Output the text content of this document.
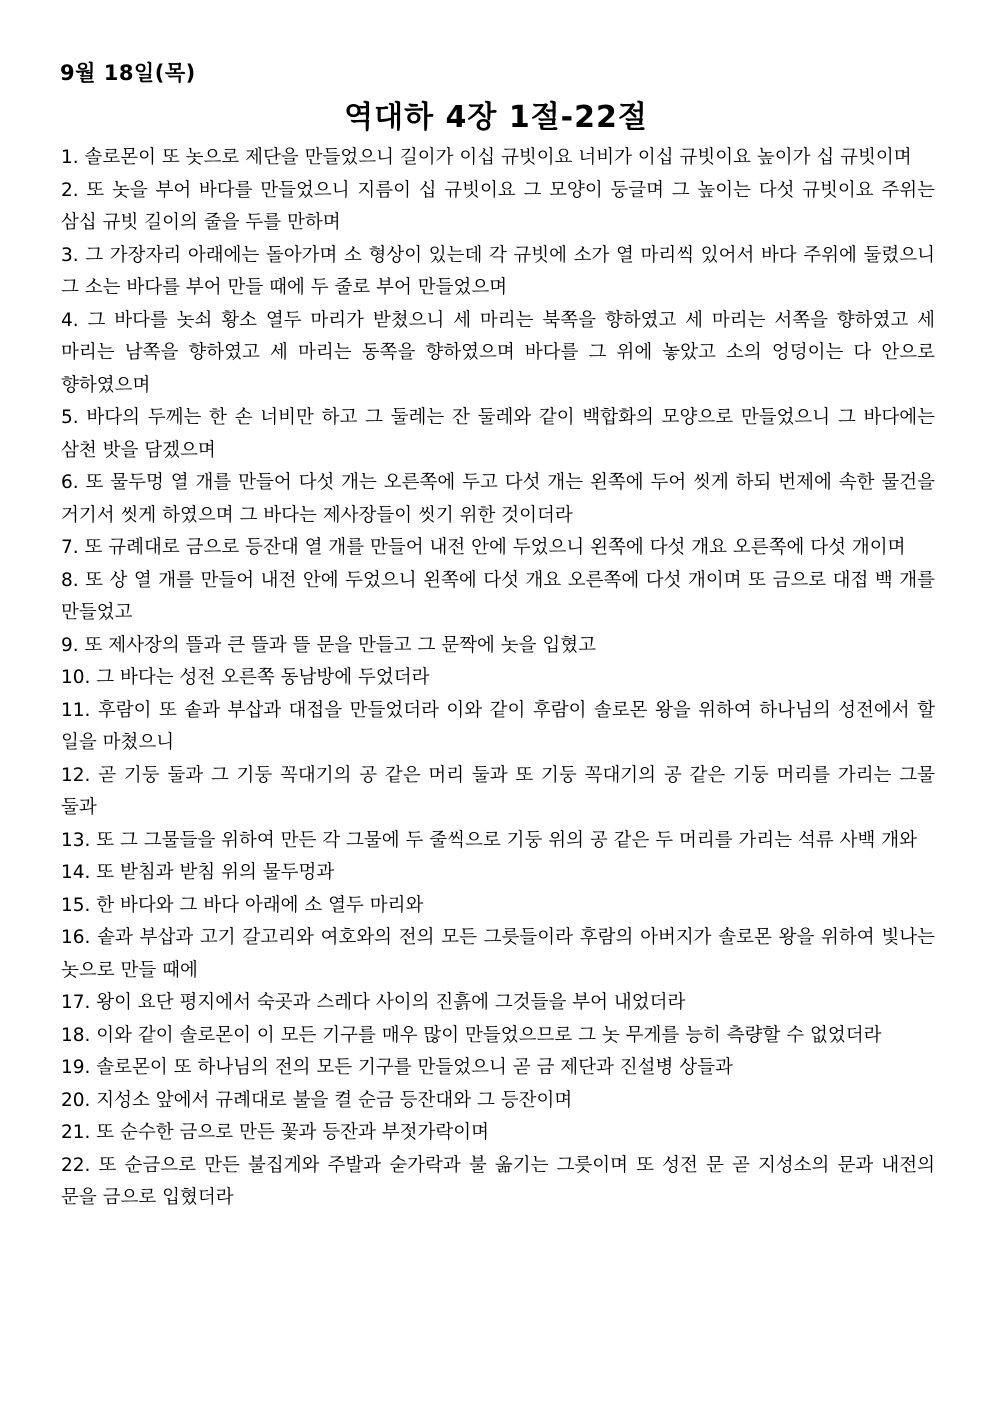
9월 18일(목)
역대하 4장 1절-22절
1. 솔로몬이 또 놋으로 제단을 만들었으니 길이가 이십 규빗이요 너비가 이십 규빗이요 높이가 십 규빗이며
2. 또 놋을 부어 바다를 만들었으니 지름이 십 규빗이요 그 모양이 둥글며 그 높이는 다섯 규빗이요 주위는 삼십 규빗 길이의 줄을 두를 만하며
3. 그 가장자리 아래에는 돌아가며 소 형상이 있는데 각 규빗에 소가 열 마리씩 있어서 바다 주위에 둘렸으니 그 소는 바다를 부어 만들 때에 두 줄로 부어 만들었으며
4. 그 바다를 놋쇠 황소 열두 마리가 받쳤으니 세 마리는 북쪽을 향하였고 세 마리는 서쪽을 향하였고 세 마리는 남쪽을 향하였고 세 마리는 동쪽을 향하였으며 바다를 그 위에 놓았고 소의 엉덩이는 다 안으로 향하였으며
5. 바다의 두께는 한 손 너비만 하고 그 둘레는 잔 둘레와 같이 백합화의 모양으로 만들었으니 그 바다에는 삼천 밧을 담겠으며
6. 또 물두멍 열 개를 만들어 다섯 개는 오른쪽에 두고 다섯 개는 왼쪽에 두어 씻게 하되 번제에 속한 물건을 거기서 씻게 하였으며 그 바다는 제사장들이 씻기 위한 것이더라
7. 또 규례대로 금으로 등잔대 열 개를 만들어 내전 안에 두었으니 왼쪽에 다섯 개요 오른쪽에 다섯 개이며
8. 또 상 열 개를 만들어 내전 안에 두었으니 왼쪽에 다섯 개요 오른쪽에 다섯 개이며 또 금으로 대접 백 개를 만들었고
9. 또 제사장의 뜰과 큰 뜰과 뜰 문을 만들고 그 문짝에 놋을 입혔고
10. 그 바다는 성전 오른쪽 동남방에 두었더라
11. 후람이 또 솥과 부삽과 대접을 만들었더라 이와 같이 후람이 솔로몬 왕을 위하여 하나님의 성전에서 할 일을 마쳤으니
12. 곧 기둥 둘과 그 기둥 꼭대기의 공 같은 머리 둘과 또 기둥 꼭대기의 공 같은 기둥 머리를 가리는 그물 둘과
13. 또 그 그물들을 위하여 만든 각 그물에 두 줄씩으로 기둥 위의 공 같은 두 머리를 가리는 석류 사백 개와
14. 또 받침과 받침 위의 물두멍과
15. 한 바다와 그 바다 아래에 소 열두 마리와
16. 솥과 부삽과 고기 갈고리와 여호와의 전의 모든 그릇들이라 후람의 아버지가 솔로몬 왕을 위하여 빛나는 놋으로 만들 때에
17. 왕이 요단 평지에서 숙곳과 스레다 사이의 진흙에 그것들을 부어 내었더라
18. 이와 같이 솔로몬이 이 모든 기구를 매우 많이 만들었으므로 그 놋 무게를 능히 측량할 수 없었더라
19. 솔로몬이 또 하나님의 전의 모든 기구를 만들었으니 곧 금 제단과 진설병 상들과
20. 지성소 앞에서 규례대로 불을 켤 순금 등잔대와 그 등잔이며
21. 또 순수한 금으로 만든 꽃과 등잔과 부젓가락이며
22. 또 순금으로 만든 불집게와 주발과 숟가락과 불 옮기는 그릇이며 또 성전 문 곧 지성소의 문과 내전의 문을 금으로 입혔더라
